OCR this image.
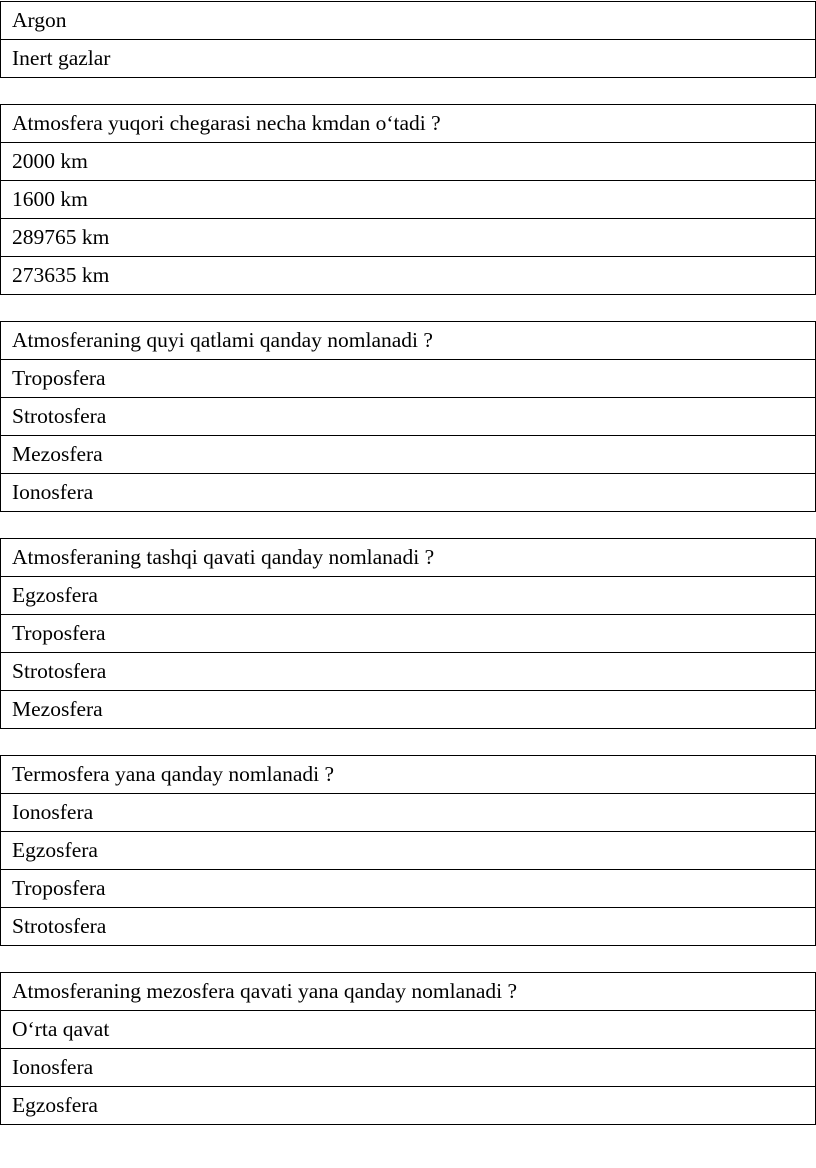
Argon
Inert gazlar
Atmosfera yuqori chegarasi necha kmdan o‘tadi ?
2000 km
1600 km
289765 km
273635 km
Atmosferaning quyi qatlami qanday nomlanadi ?
Troposfera
Strotosfera
Mezosfera
Ionosfera
Atmosferaning tashqi qavati qanday nomlanadi ?
Egzosfera
Troposfera
Strotosfera
Mezosfera
Termosfera yana qanday nomlanadi ?
Ionosfera
Egzosfera
Troposfera
Strotosfera
Atmosferaning mezosfera qavati yana qanday nomlanadi ?
O‘rta qavat
Ionosfera
Egzosfera
